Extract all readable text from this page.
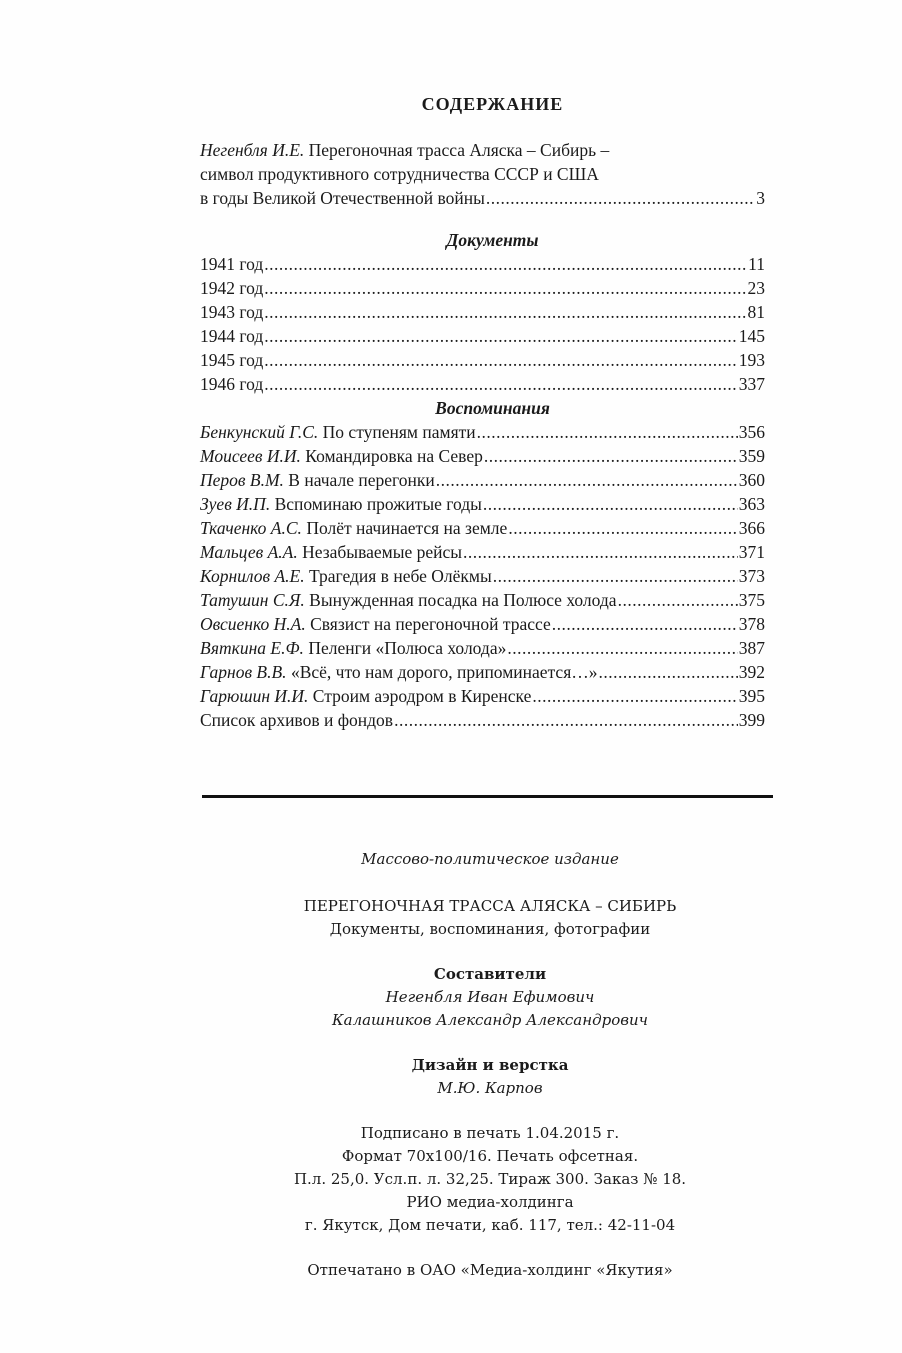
СОДЕРЖАНИЕ
Негенбля И.Е. Перегоночная трасса Аляска – Сибирь –
символ продуктивного сотрудничества СССР и США
в годы Великой Отечественной войны .....	3
Документы
1941 год .....	11
1942 год .....	23
1943 год .....	81
1944 год .....	145
1945 год .....	193
1946 год .....	337
Воспоминания
Бенкунский Г.С. По ступеням памяти .....	356
Моисеев И.И. Командировка на Север .....	359
Перов В.М. В начале перегонки .....	360
Зуев И.П. Вспоминаю прожитые годы .....	363
Ткаченко А.С. Полёт начинается на земле .....	366
Мальцев А.А. Незабываемые рейсы .....	371
Корнилов А.Е. Трагедия в небе Олёкмы .....	373
Татушин С.Я. Вынужденная посадка на Полюсе холода .....	375
Овсиенко Н.А. Связист на перегоночной трассе .....	378
Вяткина Е.Ф. Пеленги «Полюса холода» .....	387
Гарнов В.В. «Всё, что нам дорого, припоминается…» .....	392
Гарюшин И.И. Строим аэродром в Киренске .....	395
Список архивов и фондов .....	399
Массово-политическое издание
ПЕРЕГОНОЧНАЯ ТРАССА АЛЯСКА – СИБИРЬ
Документы, воспоминания, фотографии
Составители
Негенбля Иван Ефимович
Калашников Александр Александрович
Дизайн и верстка
М.Ю. Карпов
Подписано в печать 1.04.2015 г.
Формат 70х100/16. Печать офсетная.
П.л. 25,0. Усл.п. л. 32,25. Тираж 300. Заказ № 18.
РИО медиа-холдинга
г. Якутск, Дом печати, каб. 117, тел.: 42-11-04
Отпечатано в ОАО «Медиа-холдинг «Якутия»
